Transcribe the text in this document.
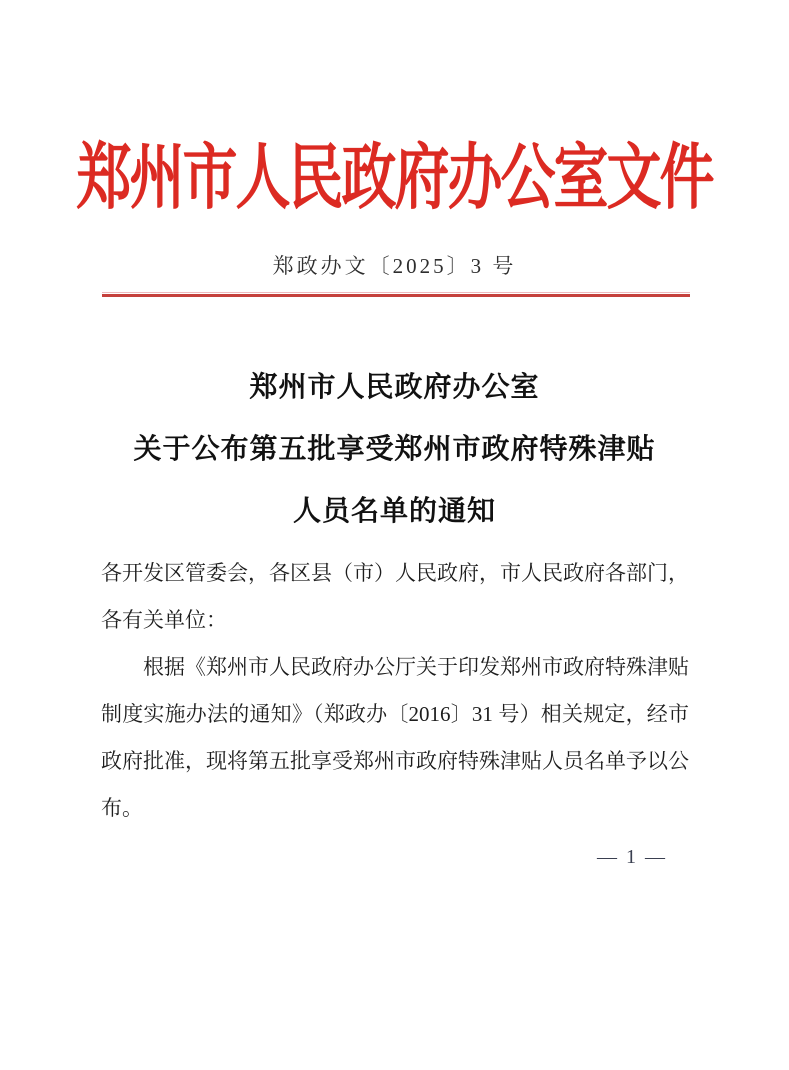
郑州市人民政府办公室文件
郑政办文〔2025〕3 号
郑州市人民政府办公室
关于公布第五批享受郑州市政府特殊津贴
人员名单的通知

各开发区管委会，各区县（市）人民政府，市人民政府各部门，各有关单位：

根据《郑州市人民政府办公厅关于印发郑州市政府特殊津贴制度实施办法的通知》（郑政办〔2016〕31 号）相关规定，经市政府批准，现将第五批享受郑州市政府特殊津贴人员名单予以公布。

— 1 —
